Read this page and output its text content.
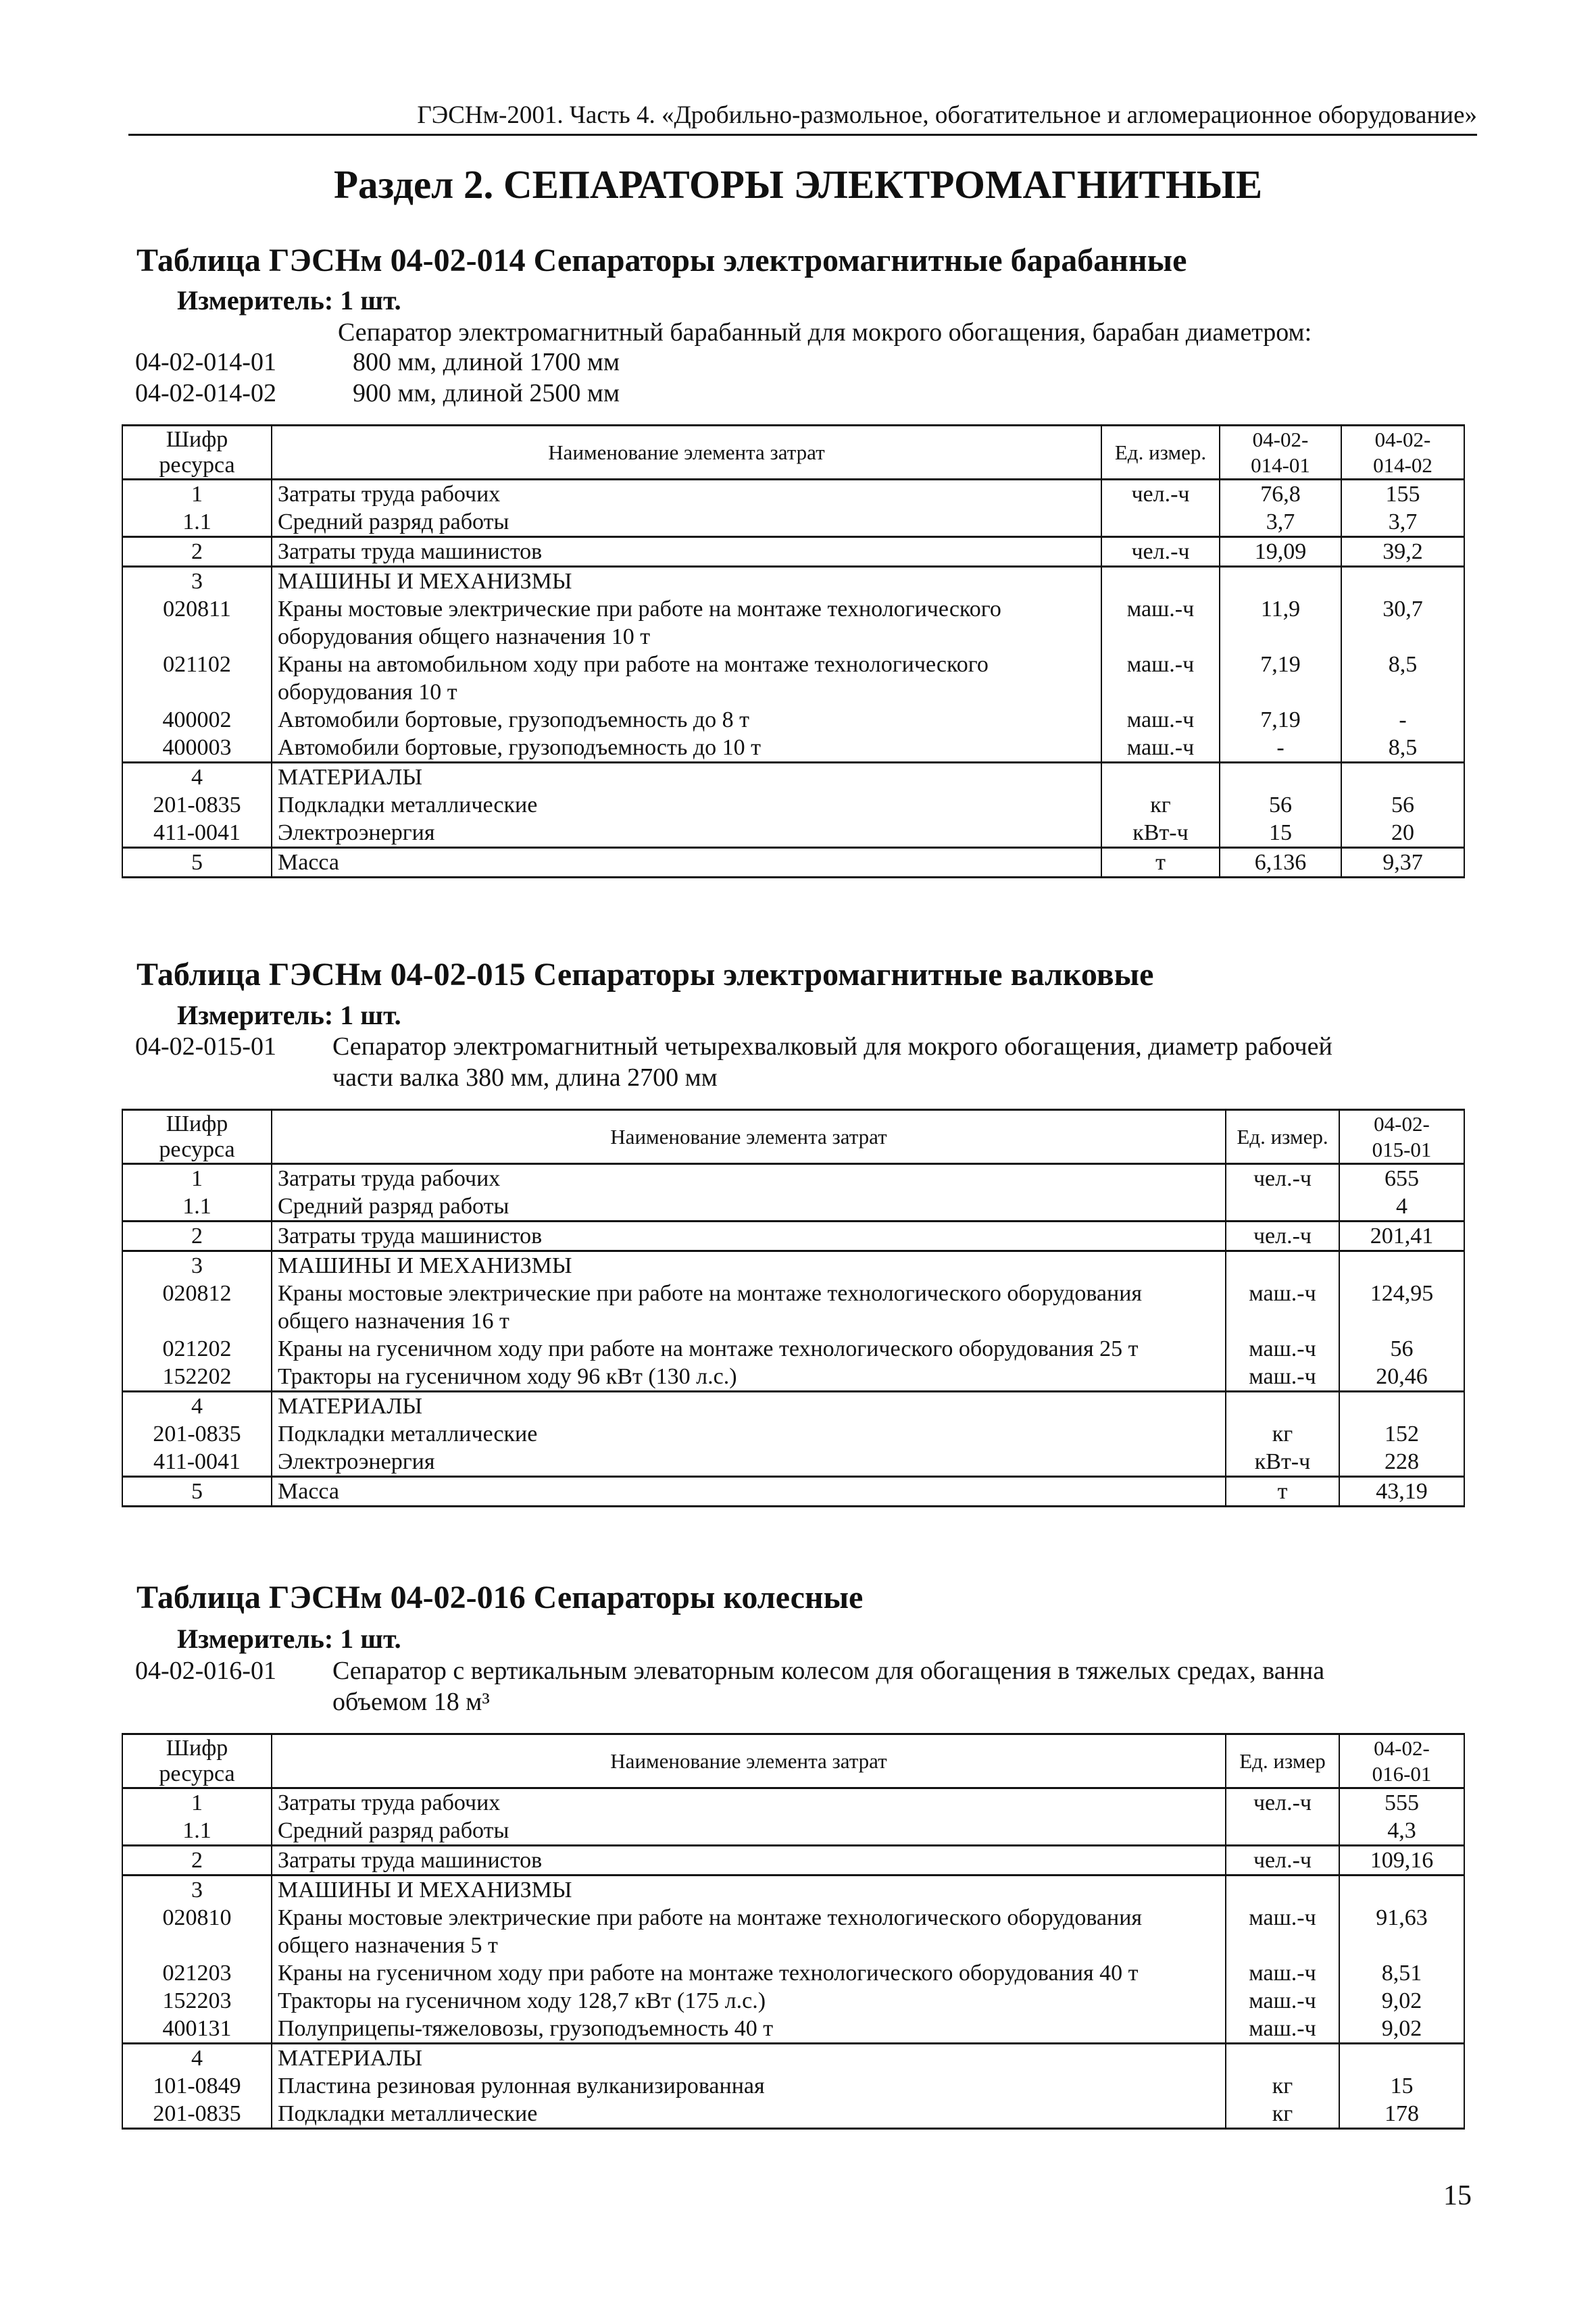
ГЭСНм-2001. Часть 4. «Дробильно-размольное, обогатительное и агломерационное оборудование»
Раздел 2. СЕПАРАТОРЫ ЭЛЕКТРОМАГНИТНЫЕ
Таблица ГЭСНм 04-02-014 Сепараторы электромагнитные барабанные
Измеритель: 1 шт.
Сепаратор электромагнитный барабанный для мокрого обогащения, барабан диаметром:
04-02-014-01	800 мм, длиной 1700 мм
04-02-014-02	900 мм, длиной 2500 мм
Шифр
ресурса	Наименование элемента затрат	Ед. измер.	04-02-
014-01	04-02-
014-02
1	Затраты труда рабочих	чел.-ч	76,8	155
1.1	Средний разряд работы		3,7	3,7
2	Затраты труда машинистов	чел.-ч	19,09	39,2
3	МАШИНЫ И МЕХАНИЗМЫ			
020811	Краны мостовые электрические при работе на монтаже технологического
оборудования общего назначения 10 т	маш.-ч	11,9	30,7
021102	Краны на автомобильном ходу при работе на монтаже технологического
оборудования 10 т	маш.-ч	7,19	8,5
400002	Автомобили бортовые, грузоподъемность до 8 т	маш.-ч	7,19	-
400003	Автомобили бортовые, грузоподъемность до 10 т	маш.-ч	-	8,5
4	МАТЕРИАЛЫ			
201-0835	Подкладки металлические	кг	56	56
411-0041	Электроэнергия	кВт-ч	15	20
5	Масса	т	6,136	9,37
Таблица ГЭСНм 04-02-015 Сепараторы электромагнитные валковые
Измеритель: 1 шт.
04-02-015-01 Сепаратор электромагнитный четырехвалковый для мокрого обогащения, диаметр рабочей
части валка 380 мм, длина 2700 мм
Шифр
ресурса	Наименование элемента затрат	Ед. измер.	04-02-
015-01
1	Затраты труда рабочих	чел.-ч	655
1.1	Средний разряд работы		4
2	Затраты труда машинистов	чел.-ч	201,41
3	МАШИНЫ И МЕХАНИЗМЫ		
020812	Краны мостовые электрические при работе на монтаже технологического оборудования
общего назначения 16 т	маш.-ч	124,95
021202	Краны на гусеничном ходу при работе на монтаже технологического оборудования 25 т	маш.-ч	56
152202	Тракторы на гусеничном ходу 96 кВт (130 л.с.)	маш.-ч	20,46
4	МАТЕРИАЛЫ		
201-0835	Подкладки металлические	кг	152
411-0041	Электроэнергия	кВт-ч	228
5	Масса	т	43,19
Таблица ГЭСНм 04-02-016 Сепараторы колесные
Измеритель: 1 шт.
04-02-016-01 Сепаратор с вертикальным элеваторным колесом для обогащения в тяжелых средах, ванна
объемом 18 м³
Шифр
ресурса	Наименование элемента затрат	Ед. измер	04-02-
016-01
1	Затраты труда рабочих	чел.-ч	555
1.1	Средний разряд работы		4,3
2	Затраты труда машинистов	чел.-ч	109,16
3	МАШИНЫ И МЕХАНИЗМЫ		
020810	Краны мостовые электрические при работе на монтаже технологического оборудования
общего назначения 5 т	маш.-ч	91,63
021203	Краны на гусеничном ходу при работе на монтаже технологического оборудования 40 т	маш.-ч	8,51
152203	Тракторы на гусеничном ходу 128,7 кВт (175 л.с.)	маш.-ч	9,02
400131	Полуприцепы-тяжеловозы, грузоподъемность 40 т	маш.-ч	9,02
4	МАТЕРИАЛЫ		
101-0849	Пластина резиновая рулонная вулканизированная	кг	15
201-0835	Подкладки металлические	кг	178
15
